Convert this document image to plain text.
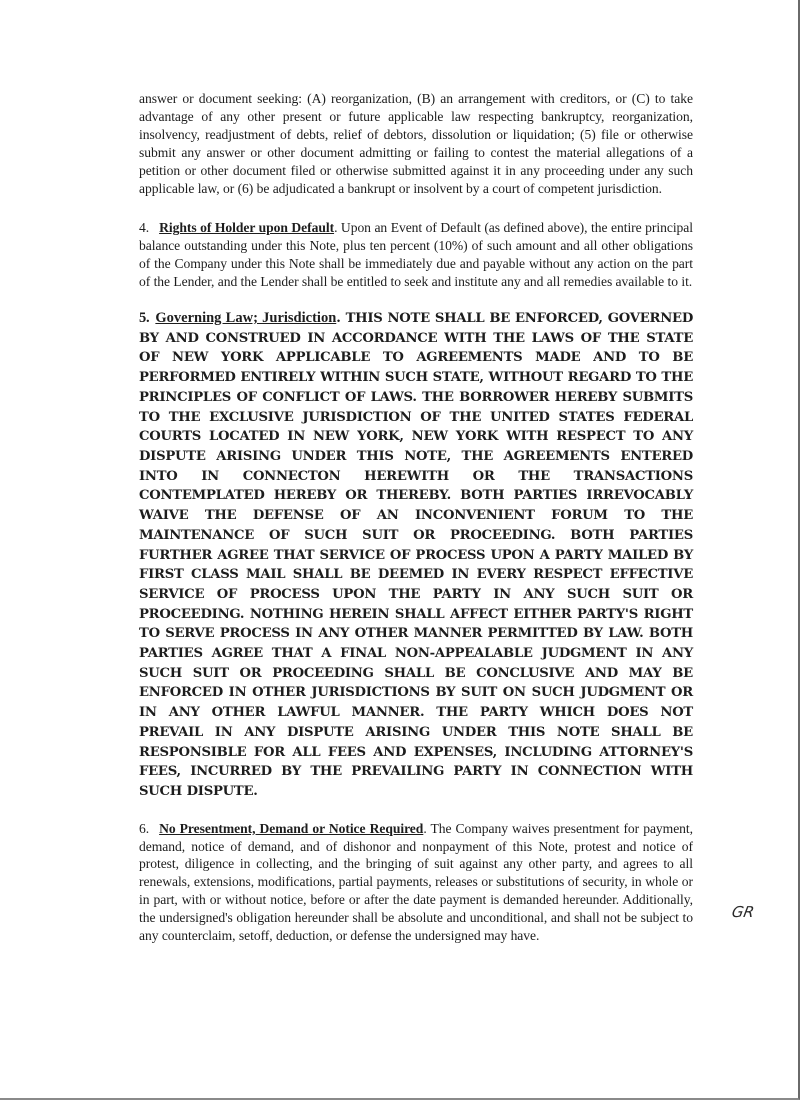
answer or document seeking: (A) reorganization, (B) an arrangement with creditors, or (C) to take advantage of any other present or future applicable law respecting bankruptcy, reorganization, insolvency, readjustment of debts, relief of debtors, dissolution or liquidation; (5) file or otherwise submit any answer or other document admitting or failing to contest the material allegations of a petition or other document filed or otherwise submitted against it in any proceeding under any such applicable law, or (6) be adjudicated a bankrupt or insolvent by a court of competent jurisdiction.

4. Rights of Holder upon Default. Upon an Event of Default (as defined above), the entire principal balance outstanding under this Note, plus ten percent (10%) of such amount and all other obligations of the Company under this Note shall be immediately due and payable without any action on the part of the Lender, and the Lender shall be entitled to seek and institute any and all remedies available to it.

5. Governing Law; Jurisdiction. THIS NOTE SHALL BE ENFORCED, GOVERNED BY AND CONSTRUED IN ACCORDANCE WITH THE LAWS OF THE STATE OF NEW YORK APPLICABLE TO AGREEMENTS MADE AND TO BE PERFORMED ENTIRELY WITHIN SUCH STATE, WITHOUT REGARD TO THE PRINCIPLES OF CONFLICT OF LAWS. THE BORROWER HEREBY SUBMITS TO THE EXCLUSIVE JURISDICTION OF THE UNITED STATES FEDERAL COURTS LOCATED IN NEW YORK, NEW YORK WITH RESPECT TO ANY DISPUTE ARISING UNDER THIS NOTE, THE AGREEMENTS ENTERED INTO IN CONNECTON HEREWITH OR THE TRANSACTIONS CONTEMPLATED HEREBY OR THEREBY. BOTH PARTIES IRREVOCABLY WAIVE THE DEFENSE OF AN INCONVENIENT FORUM TO THE MAINTENANCE OF SUCH SUIT OR PROCEEDING. BOTH PARTIES FURTHER AGREE THAT SERVICE OF PROCESS UPON A PARTY MAILED BY FIRST CLASS MAIL SHALL BE DEEMED IN EVERY RESPECT EFFECTIVE SERVICE OF PROCESS UPON THE PARTY IN ANY SUCH SUIT OR PROCEEDING. NOTHING HEREIN SHALL AFFECT EITHER PARTY'S RIGHT TO SERVE PROCESS IN ANY OTHER MANNER PERMITTED BY LAW. BOTH PARTIES AGREE THAT A FINAL NON-APPEALABLE JUDGMENT IN ANY SUCH SUIT OR PROCEEDING SHALL BE CONCLUSIVE AND MAY BE ENFORCED IN OTHER JURISDICTIONS BY SUIT ON SUCH JUDGMENT OR IN ANY OTHER LAWFUL MANNER. THE PARTY WHICH DOES NOT PREVAIL IN ANY DISPUTE ARISING UNDER THIS NOTE SHALL BE RESPONSIBLE FOR ALL FEES AND EXPENSES, INCLUDING ATTORNEY'S FEES, INCURRED BY THE PREVAILING PARTY IN CONNECTION WITH SUCH DISPUTE.

6. No Presentment, Demand or Notice Required. The Company waives presentment for payment, demand, notice of demand, and of dishonor and nonpayment of this Note, protest and notice of protest, diligence in collecting, and the bringing of suit against any other party, and agrees to all renewals, extensions, modifications, partial payments, releases or substitutions of security, in whole or in part, with or without notice, before or after the date payment is demanded hereunder. Additionally, the undersigned's obligation hereunder shall be absolute and unconditional, and shall not be subject to any counterclaim, setoff, deduction, or defense the undersigned may have.

GR
